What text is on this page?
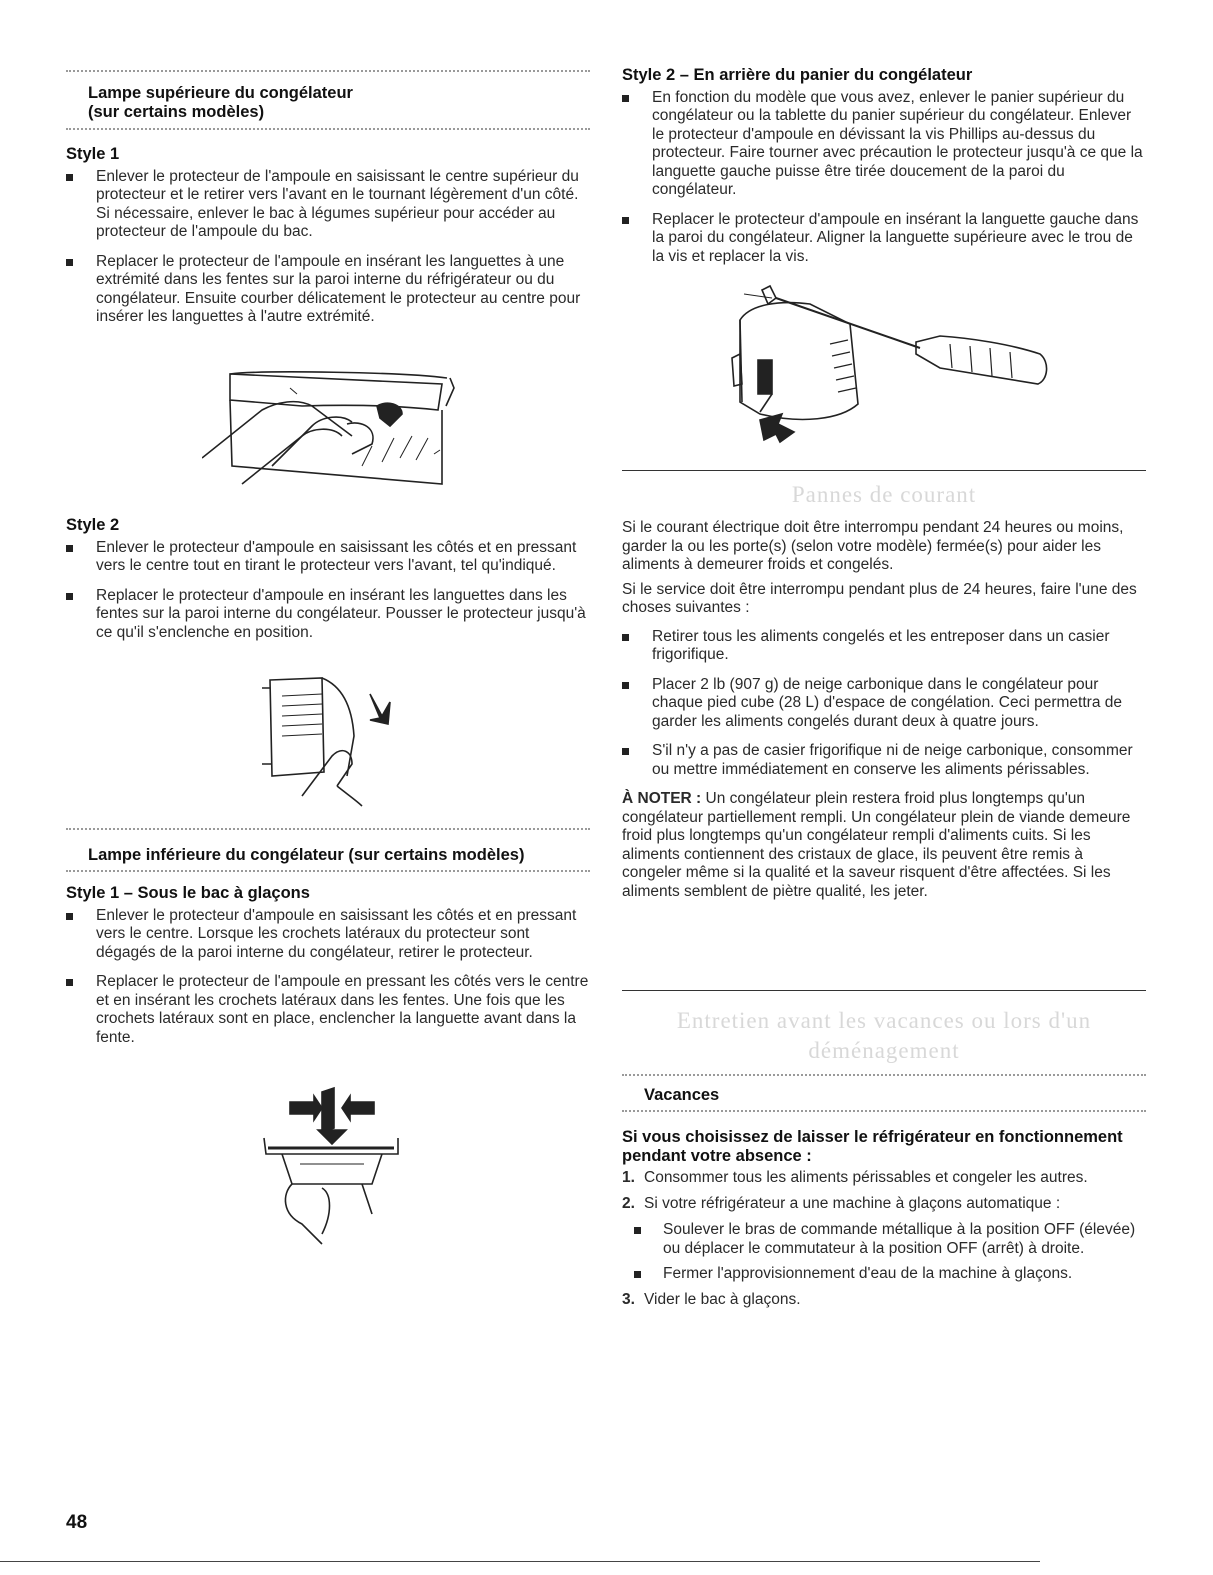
Lampe supérieure du congélateur
(sur certains modèles)
Style 1
Enlever le protecteur de l'ampoule en saisissant le centre supérieur du protecteur et le retirer vers l'avant en le tournant légèrement d'un côté. Si nécessaire, enlever le bac à légumes supérieur pour accéder au protecteur de l'ampoule du bac.
Replacer le protecteur de l'ampoule en insérant les languettes à une extrémité dans les fentes sur la paroi interne du réfrigérateur ou du congélateur. Ensuite courber délicatement le protecteur au centre pour insérer les languettes à l'autre extrémité.
Style 2
Enlever le protecteur d'ampoule en saisissant les côtés et en pressant vers le centre tout en tirant le protecteur vers l'avant, tel qu'indiqué.
Replacer le protecteur d'ampoule en insérant les languettes dans les fentes sur la paroi interne du congélateur. Pousser le protecteur jusqu'à ce qu'il s'enclenche en position.
Lampe inférieure du congélateur (sur certains modèles)
Style 1 – Sous le bac à glaçons
Enlever le protecteur d'ampoule en saisissant les côtés et en pressant vers le centre. Lorsque les crochets latéraux du protecteur sont dégagés de la paroi interne du congélateur, retirer le protecteur.
Replacer le protecteur de l'ampoule en pressant les côtés vers le centre et en insérant les crochets latéraux dans les fentes. Une fois que les crochets latéraux sont en place, enclencher la languette avant dans la fente.
48
Style 2 – En arrière du panier du congélateur
En fonction du modèle que vous avez, enlever le panier supérieur du congélateur ou la tablette du panier supérieur du congélateur. Enlever le protecteur d'ampoule en dévissant la vis Phillips au-dessus du protecteur. Faire tourner avec précaution le protecteur jusqu'à ce que la languette gauche puisse être tirée doucement de la paroi du congélateur.
Replacer le protecteur d'ampoule en insérant la languette gauche dans la paroi du congélateur. Aligner la languette supérieure avec le trou de la vis et replacer la vis.
Pannes de courant

Si le courant électrique doit être interrompu pendant 24 heures ou moins, garder la ou les porte(s) (selon votre modèle) fermée(s) pour aider les aliments à demeurer froids et congelés.

Si le service doit être interrompu pendant plus de 24 heures, faire l'une des choses suivantes :

Retirer tous les aliments congelés et les entreposer dans un casier frigorifique.
Placer 2 lb (907 g) de neige carbonique dans le congélateur pour chaque pied cube (28 L) d'espace de congélation. Ceci permettra de garder les aliments congelés durant deux à quatre jours.
S'il n'y a pas de casier frigorifique ni de neige carbonique, consommer ou mettre immédiatement en conserve les aliments périssables.

À NOTER : Un congélateur plein restera froid plus longtemps qu'un congélateur partiellement rempli. Un congélateur plein de viande demeure froid plus longtemps qu'un congélateur rempli d'aliments cuits. Si les aliments contiennent des cristaux de glace, ils peuvent être remis à congeler même si la qualité et la saveur risquent d'être affectées. Si les aliments semblent de piètre qualité, les jeter.

Entretien avant les vacances ou lors d'un
déménagement
Vacances
Si vous choisissez de laisser le réfrigérateur en fonctionnement pendant votre absence :
1. Consommer tous les aliments périssables et congeler les autres.
2. Si votre réfrigérateur a une machine à glaçons automatique :
Soulever le bras de commande métallique à la position OFF (élevée) ou déplacer le commutateur à la position OFF (arrêt) à droite.
Fermer l'approvisionnement d'eau de la machine à glaçons.
3. Vider le bac à glaçons.
